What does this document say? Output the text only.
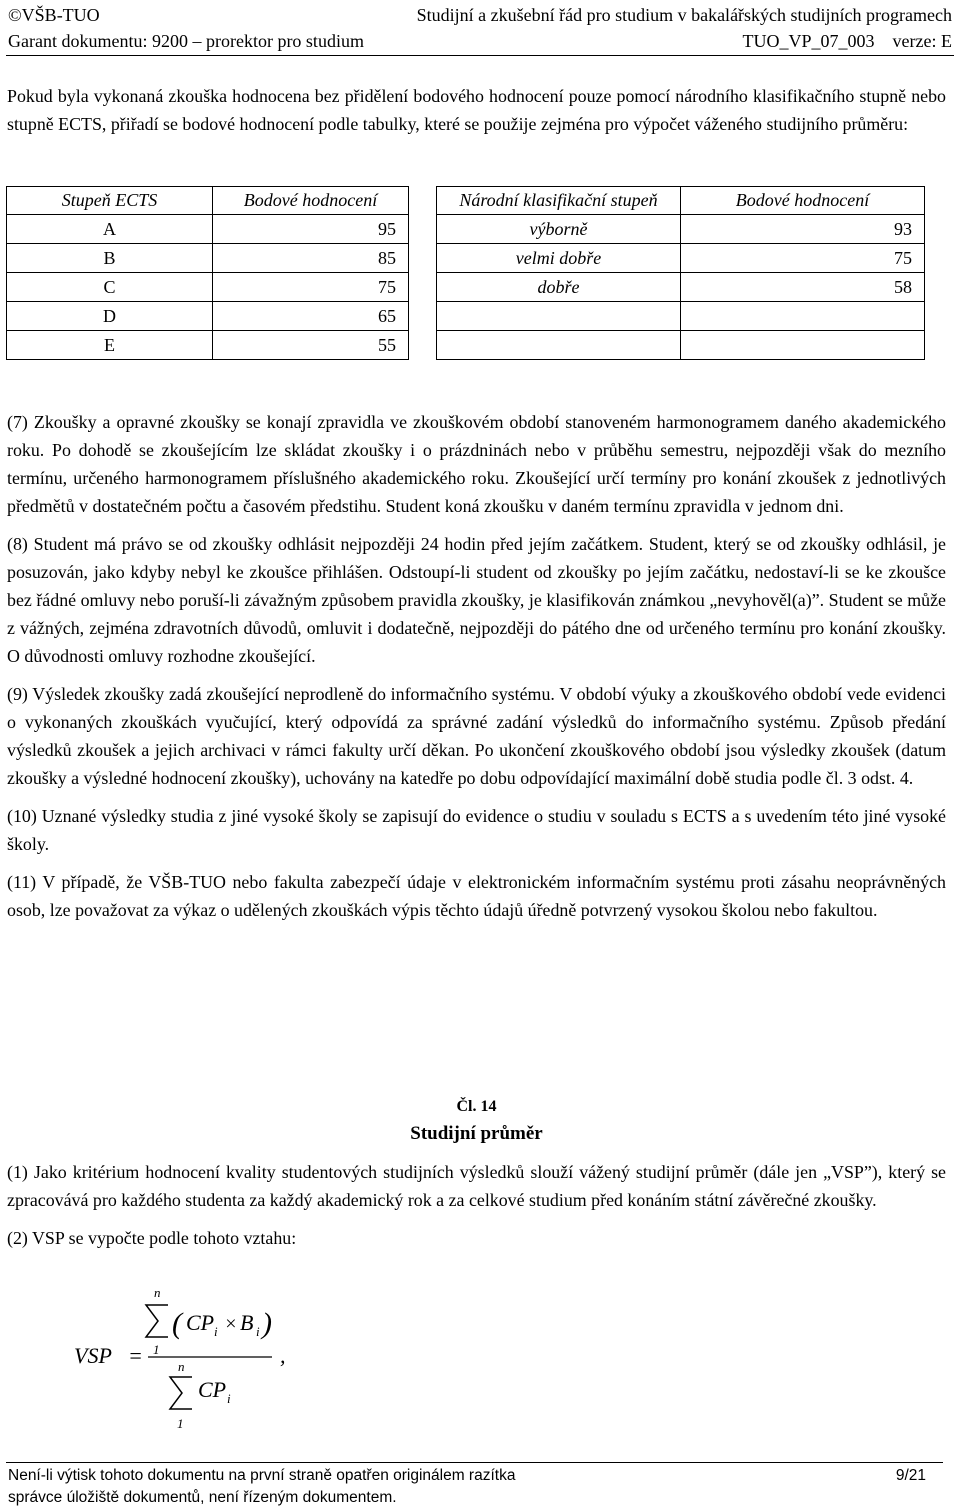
©VŠB-TUO	Studijní a zkušební řád pro studium v bakalářských studijních programech
Garant dokumentu: 9200 – prorektor pro studium	TUO_VP_07_003 verze: E

Pokud byla vykonaná zkouška hodnocena bez přidělení bodového hodnocení pouze pomocí národního klasifikačního stupně nebo stupně ECTS, přiřadí se bodové hodnocení podle tabulky, které se použije zejména pro výpočet váženého studijního průměru:

Stupeň ECTS	Bodové hodnocení		Národní klasifikační stupeň	Bodové hodnocení
A	95		výborně	93
B	85		velmi dobře	75
C	75		dobře	58
D	65			
E	55			

(7) Zkoušky a opravné zkoušky se konají zpravidla ve zkouškovém období stanoveném harmonogramem daného akademického roku. Po dohodě se zkoušejícím lze skládat zkoušky i o prázdninách nebo v průběhu semestru, nejpozději však do mezního termínu, určeného harmonogramem příslušného akademického roku. Zkoušející určí termíny pro konání zkoušek z jednotlivých předmětů v dostatečném počtu a časovém předstihu. Student koná zkoušku v daném termínu zpravidla v jednom dni.

(8) Student má právo se od zkoušky odhlásit nejpozději 24 hodin před jejím začátkem. Student, který se od zkoušky odhlásil, je posuzován, jako kdyby nebyl ke zkoušce přihlášen. Odstoupí-li student od zkoušky po jejím začátku, nedostaví-li se ke zkoušce bez řádné omluvy nebo poruší-li závažným způsobem pravidla zkoušky, je klasifikován známkou „nevyhověl(a)”. Student se může z vážných, zejména zdravotních důvodů, omluvit i dodatečně, nejpozději do pátého dne od určeného termínu pro konání zkoušky. O důvodnosti omluvy rozhodne zkoušející.

(9) Výsledek zkoušky zadá zkoušející neprodleně do informačního systému. V období výuky a zkouškového období vede evidenci o vykonaných zkouškách vyučující, který odpovídá za správné zadání výsledků do informačního systému. Způsob předání výsledků zkoušek a jejich archivaci v rámci fakulty určí děkan. Po ukončení zkouškového období jsou výsledky zkoušek (datum zkoušky a výsledné hodnocení zkoušky), uchovány na katedře po dobu odpovídající maximální době studia podle čl. 3 odst. 4.

(10) Uznané výsledky studia z jiné vysoké školy se zapisují do evidence o studiu v souladu s ECTS a s uvedením této jiné vysoké školy.

(11) V případě, že VŠB-TUO nebo fakulta zabezpečí údaje v elektronickém informačním systému proti zásahu neoprávněných osob, lze považovat za výkaz o udělených zkouškách výpis těchto údajů úředně potvrzený vysokou školou nebo fakultou.

Čl. 14

Studijní průměr

(1) Jako kritérium hodnocení kvality studentových studijních výsledků slouží vážený studijní průměr (dále jen „VSP”), který se zpracovává pro každého studenta za každý akademický rok a za celkové studium před konáním státní závěrečné zkoušky.

(2) VSP se vypočte podle tohoto vztahu:

VSP =
n
1
( CP i × B i )
,
n
1
CP i
Není-li výtisk tohoto dokumentu na první straně opatřen originálem razítka	9/21
správce úložiště dokumentů, není řízeným dokumentem.
